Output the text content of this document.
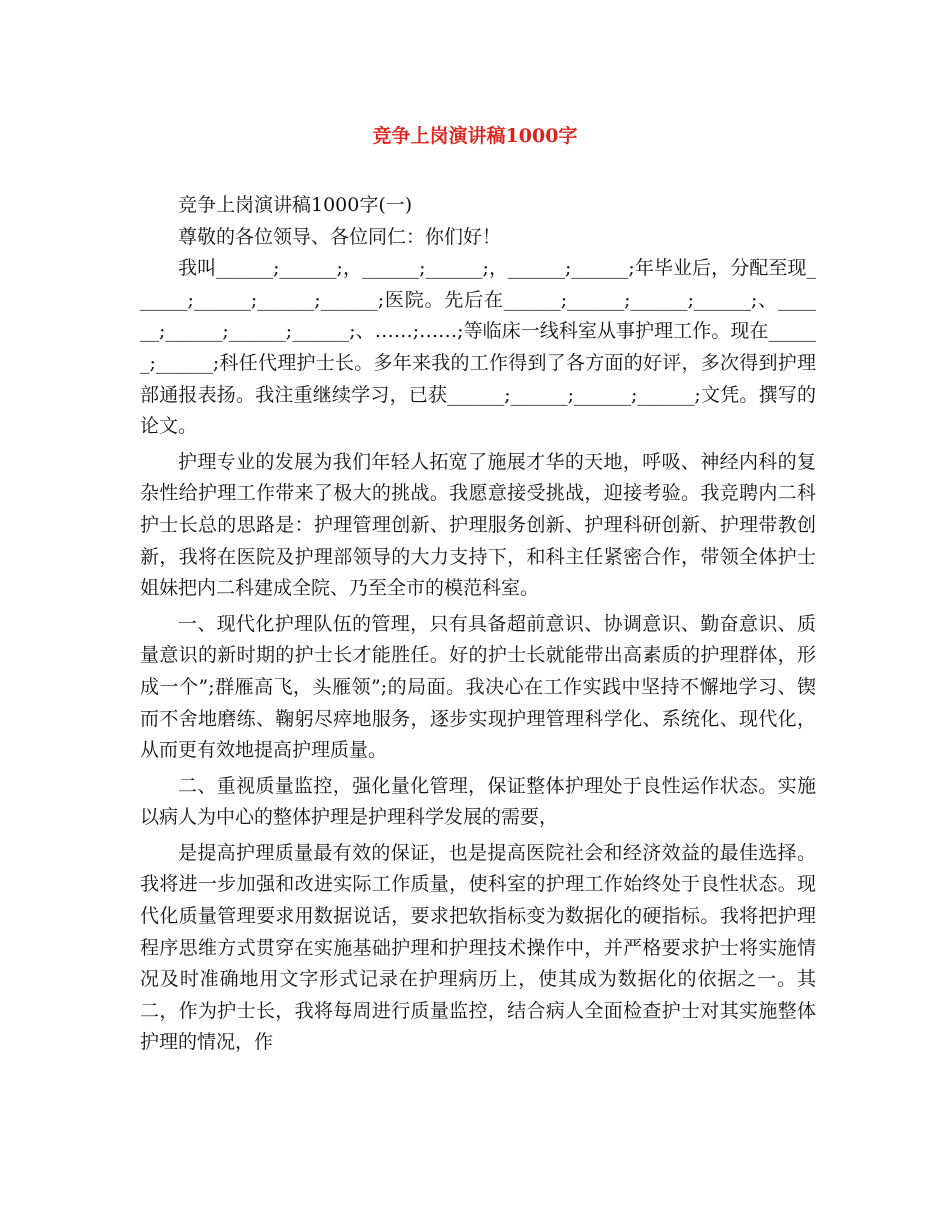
竞争上岗演讲稿1000字

竞争上岗演讲稿1000字(一)

尊敬的各位领导、各位同仁：你们好！

我叫______;______;，______;______;，______;______;年毕业后，分配至现______;______;______;______;医院。先后在______;______;______;______;、______;______;______;______;、……;……;等临床一线科室从事护理工作。现在______;______;科任代理护士长。多年来我的工作得到了各方面的好评，多次得到护理部通报表扬。我注重继续学习，已获______;______;______;______;文凭。撰写的论文。

护理专业的发展为我们年轻人拓宽了施展才华的天地，呼吸、神经内科的复杂性给护理工作带来了极大的挑战。我愿意接受挑战，迎接考验。我竞聘内二科护士长总的思路是：护理管理创新、护理服务创新、护理科研创新、护理带教创新，我将在医院及护理部领导的大力支持下，和科主任紧密合作，带领全体护士姐妹把内二科建成全院、乃至全市的模范科室。

一、现代化护理队伍的管理，只有具备超前意识、协调意识、勤奋意识、质量意识的新时期的护士长才能胜任。好的护士长就能带出高素质的护理群体，形成一个”;群雁高飞，头雁领”;的局面。我决心在工作实践中坚持不懈地学习、锲而不舍地磨练、鞠躬尽瘁地服务，逐步实现护理管理科学化、系统化、现代化，从而更有效地提高护理质量。

二、重视质量监控，强化量化管理，保证整体护理处于良性运作状态。实施以病人为中心的整体护理是护理科学发展的需要，

是提高护理质量最有效的保证，也是提高医院社会和经济效益的最佳选择。我将进一步加强和改进实际工作质量，使科室的护理工作始终处于良性状态。现代化质量管理要求用数据说话，要求把软指标变为数据化的硬指标。我将把护理程序思维方式贯穿在实施基础护理和护理技术操作中，并严格要求护士将实施情况及时准确地用文字形式记录在护理病历上，使其成为数据化的依据之一。其二，作为护士长，我将每周进行质量监控，结合病人全面检查护士对其实施整体护理的情况，作
